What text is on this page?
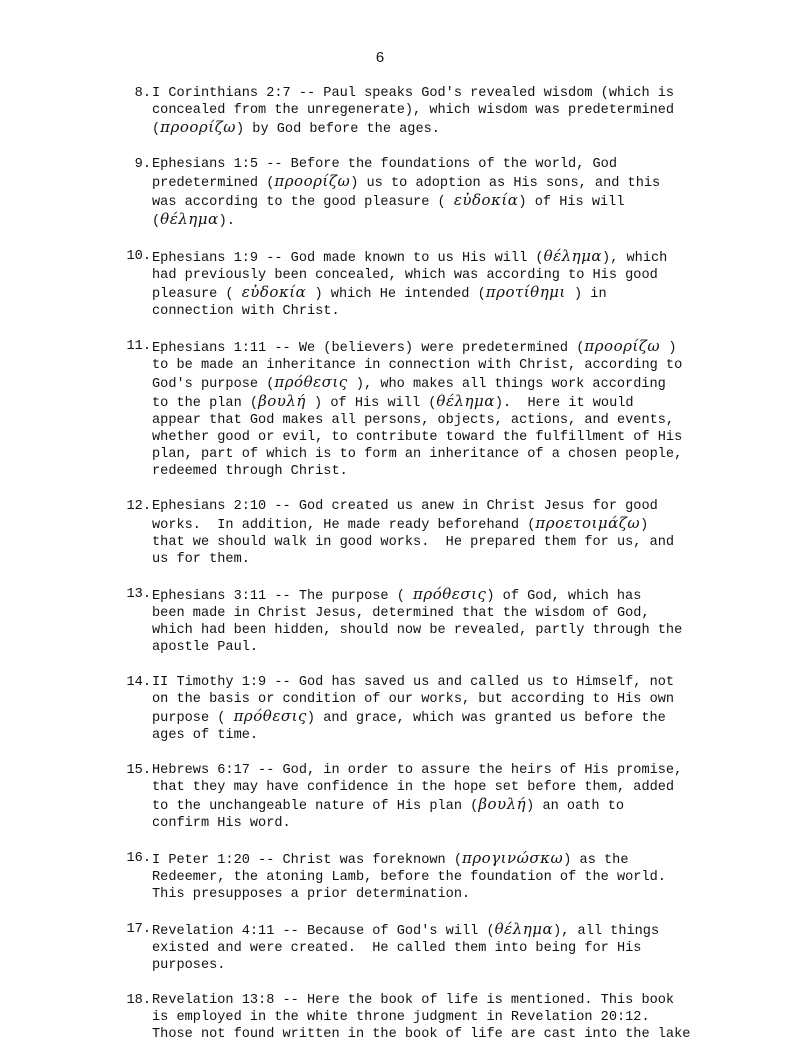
6
8. I Corinthians 2:7 -- Paul speaks God's revealed wisdom (which is
concealed from the unregenerate), which wisdom was predetermined
(προορίζω) by God before the ages.
9. Ephesians 1:5 -- Before the foundations of the world, God
predetermined (προορίζω) us to adoption as His sons, and this
was according to the good pleasure ( εὐδοκία) of His will
(θέλημα).
10. Ephesians 1:9 -- God made known to us His will (θέλημα), which
had previously been concealed, which was according to His good
pleasure ( εὐδοκία ) which He intended (προτίθημι ) in
connection with Christ.
11. Ephesians 1:11 -- We (believers) were predetermined (προορίζω )
to be made an inheritance in connection with Christ, according to
God's purpose (πρόθεσις ), who makes all things work according
to the plan (βουλή ) of His will (θέλημα).  Here it would
appear that God makes all persons, objects, actions, and events,
whether good or evil, to contribute toward the fulfillment of His
plan, part of which is to form an inheritance of a chosen people,
redeemed through Christ.
12. Ephesians 2:10 -- God created us anew in Christ Jesus for good
works.  In addition, He made ready beforehand (προετοιμάζω)
that we should walk in good works.  He prepared them for us, and
us for them.
13. Ephesians 3:11 -- The purpose ( πρόθεσις) of God, which has
been made in Christ Jesus, determined that the wisdom of God,
which had been hidden, should now be revealed, partly through the
apostle Paul.
14. II Timothy 1:9 -- God has saved us and called us to Himself, not
on the basis or condition of our works, but according to His own
purpose ( πρόθεσις) and grace, which was granted us before the
ages of time.
15. Hebrews 6:17 -- God, in order to assure the heirs of His promise,
that they may have confidence in the hope set before them, added
to the unchangeable nature of His plan (βουλή) an oath to
confirm His word.
16. I Peter 1:20 -- Christ was foreknown (προγινώσκω) as the
Redeemer, the atoning Lamb, before the foundation of the world.
This presupposes a prior determination.
17. Revelation 4:11 -- Because of God's will (θέλημα), all things
existed and were created.  He called them into being for His
purposes.
18. Revelation 13:8 -- Here the book of life is mentioned. This book
is employed in the white throne judgment in Revelation 20:12.
Those not found written in the book of life are cast into the lake
